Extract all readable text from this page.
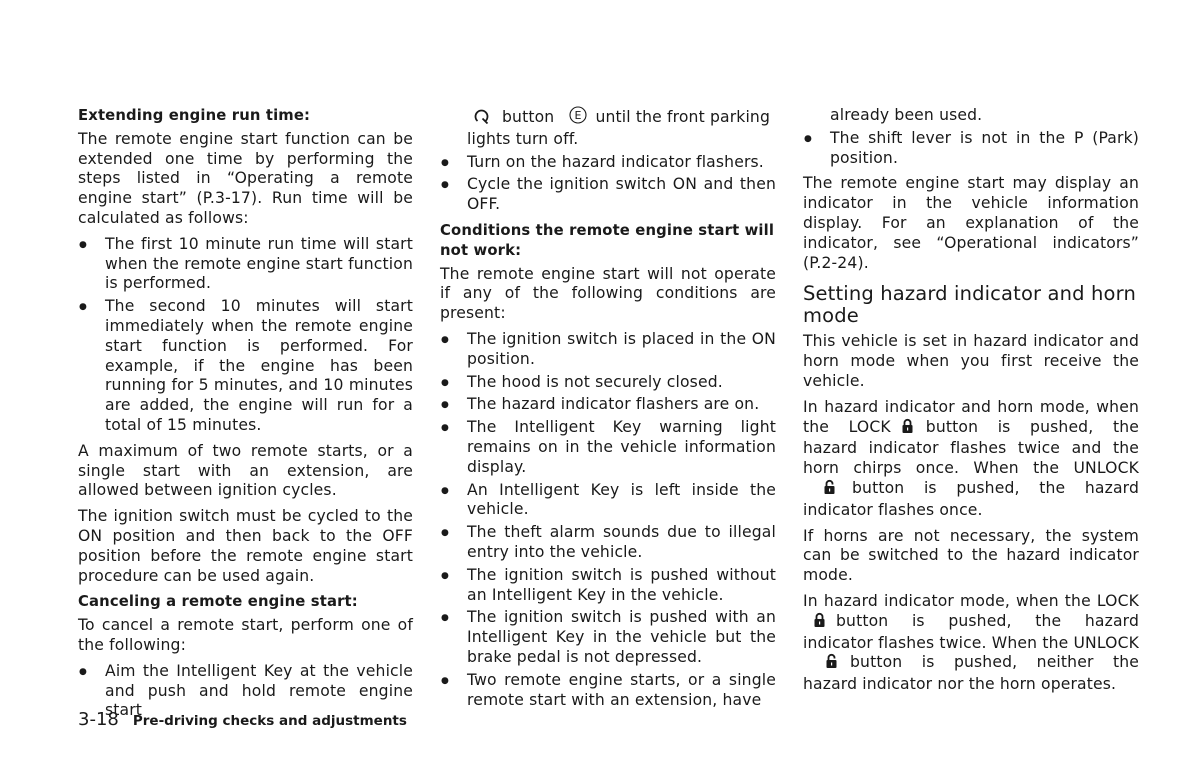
Extending engine run time:

The remote engine start function can be extended one time by performing the steps listed in “Operating a remote engine start” (P.3-17). Run time will be calculated as follows:

● The first 10 minute run time will start when the remote engine start function is performed.
● The second 10 minutes will start immediately when the remote engine start function is performed. For example, if the engine has been running for 5 minutes, and 10 minutes are added, the engine will run for a total of 15 minutes.

A maximum of two remote starts, or a single start with an extension, are allowed between ignition cycles.

The ignition switch must be cycled to the ON position and then back to the OFF position before the remote engine start procedure can be used again.

Canceling a remote engine start:

To cancel a remote start, perform one of the following:

● Aim the Intelligent Key at the vehicle and push and hold remote engine start
button E until the front parking lights turn off.
● Turn on the hazard indicator flashers.
● Cycle the ignition switch ON and then OFF.
Conditions the remote engine start will not work:

The remote engine start will not operate if any of the following conditions are present:

● The ignition switch is placed in the ON position.
● The hood is not securely closed.
● The hazard indicator flashers are on.
● The Intelligent Key warning light remains on in the vehicle information display.
● An Intelligent Key is left inside the vehicle.
● The theft alarm sounds due to illegal entry into the vehicle.
● The ignition switch is pushed without an Intelligent Key in the vehicle.
● The ignition switch is pushed with an Intelligent Key in the vehicle but the brake pedal is not depressed.
● Two remote engine starts, or a single remote start with an extension, have
already been used.
● The shift lever is not in the P (Park) position.

The remote engine start may display an indicator in the vehicle information display. For an explanation of the indicator, see “Operational indicators” (P.2-24).

Setting hazard indicator and horn mode

This vehicle is set in hazard indicator and horn mode when you first receive the vehicle.

In hazard indicator and horn mode, when the LOCK button is pushed, the hazard indicator flashes twice and the horn chirps once. When the UNLOCKbutton is pushed, the hazard indicator flashes once.

If horns are not necessary, the system can be switched to the hazard indicator mode.

In hazard indicator mode, when the LOCKbutton is pushed, the hazard indicator flashes twice. When the UNLOCKbutton is pushed, neither the hazard indicator nor the horn operates.

3-18 Pre-driving checks and adjustments
